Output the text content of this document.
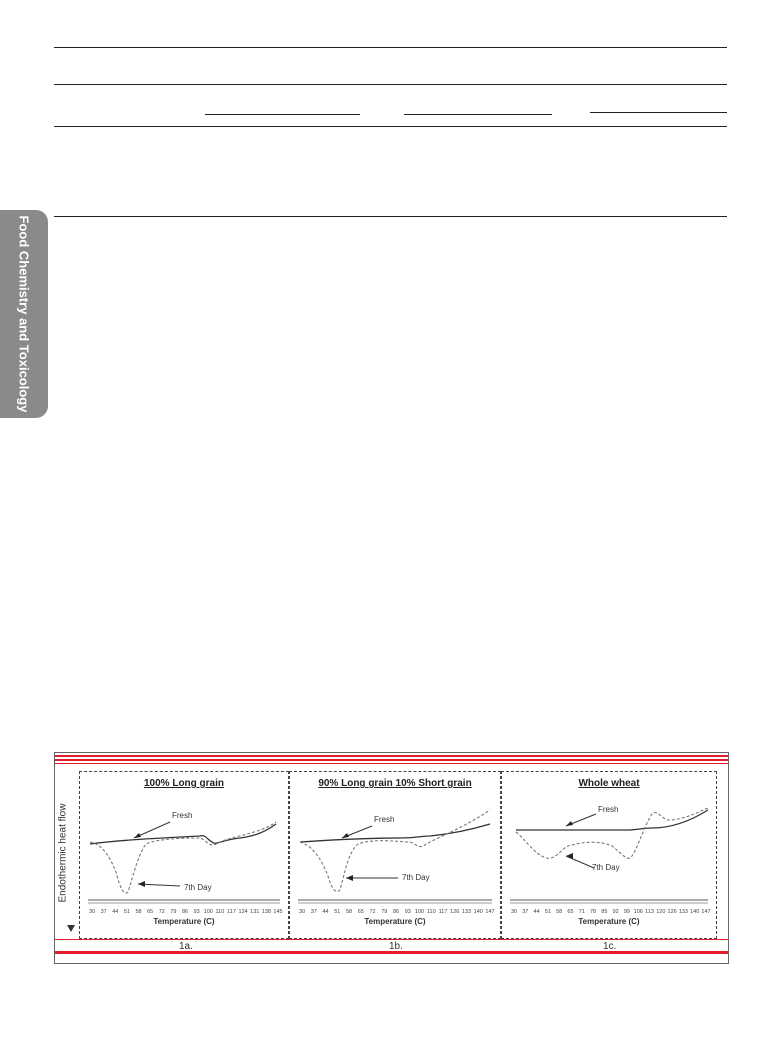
Food Chemistry and Toxicology
Endothermic heat flow
100% Long grain
Fresh
7th Day
30 37 44 51 58 65 72 79 86 93 100 110 117 124 131 138 145
Temperature (C)
90% Long grain 10% Short grain
Fresh
7th Day
30 37 44 51 58 65 72 79 86 93 100 110 117 126 133 140 147
Temperature (C)
Whole wheat
Fresh
7th Day
30 37 44 51 58 65 71 78 85 92 99 106 113 120 126 133 140 147
Temperature (C)
1a.	1b.	1c.
